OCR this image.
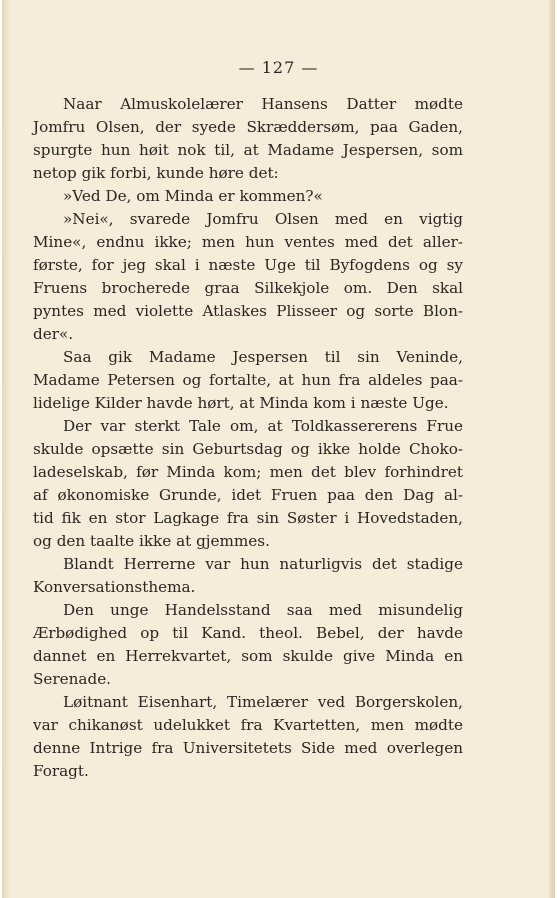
— 127 —
Naar Almuskolelærer Hansens Datter mødte
Jomfru Olsen, der syede Skræddersøm, paa Gaden,
spurgte hun høit nok til, at Madame Jespersen, som
netop gik forbi, kunde høre det:
»Ved De, om Minda er kommen?«
»Nei«, svarede Jomfru Olsen med en vigtig
Mine«, endnu ikke; men hun ventes med det aller-
første, for jeg skal i næste Uge til Byfogdens og sy
Fruens brocherede graa Silkekjole om. Den skal
pyntes med violette Atlaskes Plisseer og sorte Blon-
der«.
Saa gik Madame Jespersen til sin Veninde,
Madame Petersen og fortalte, at hun fra aldeles paa-
lidelige Kilder havde hørt, at Minda kom i næste Uge.
Der var sterkt Tale om, at Toldkassererens Frue
skulde opsætte sin Geburtsdag og ikke holde Choko-
ladeselskab, før Minda kom; men det blev forhindret
af økonomiske Grunde, idet Fruen paa den Dag al-
tid fik en stor Lagkage fra sin Søster i Hovedstaden,
og den taalte ikke at gjemmes.
Blandt Herrerne var hun naturligvis det stadige
Konversationsthema.
Den unge Handelsstand saa med misundelig
Ærbødighed op til Kand. theol. Bebel, der havde
dannet en Herrekvartet, som skulde give Minda en
Serenade.
Løitnant Eisenhart, Timelærer ved Borgerskolen,
var chikanøst udelukket fra Kvartetten, men mødte
denne Intrige fra Universitetets Side med overlegen
Foragt.
